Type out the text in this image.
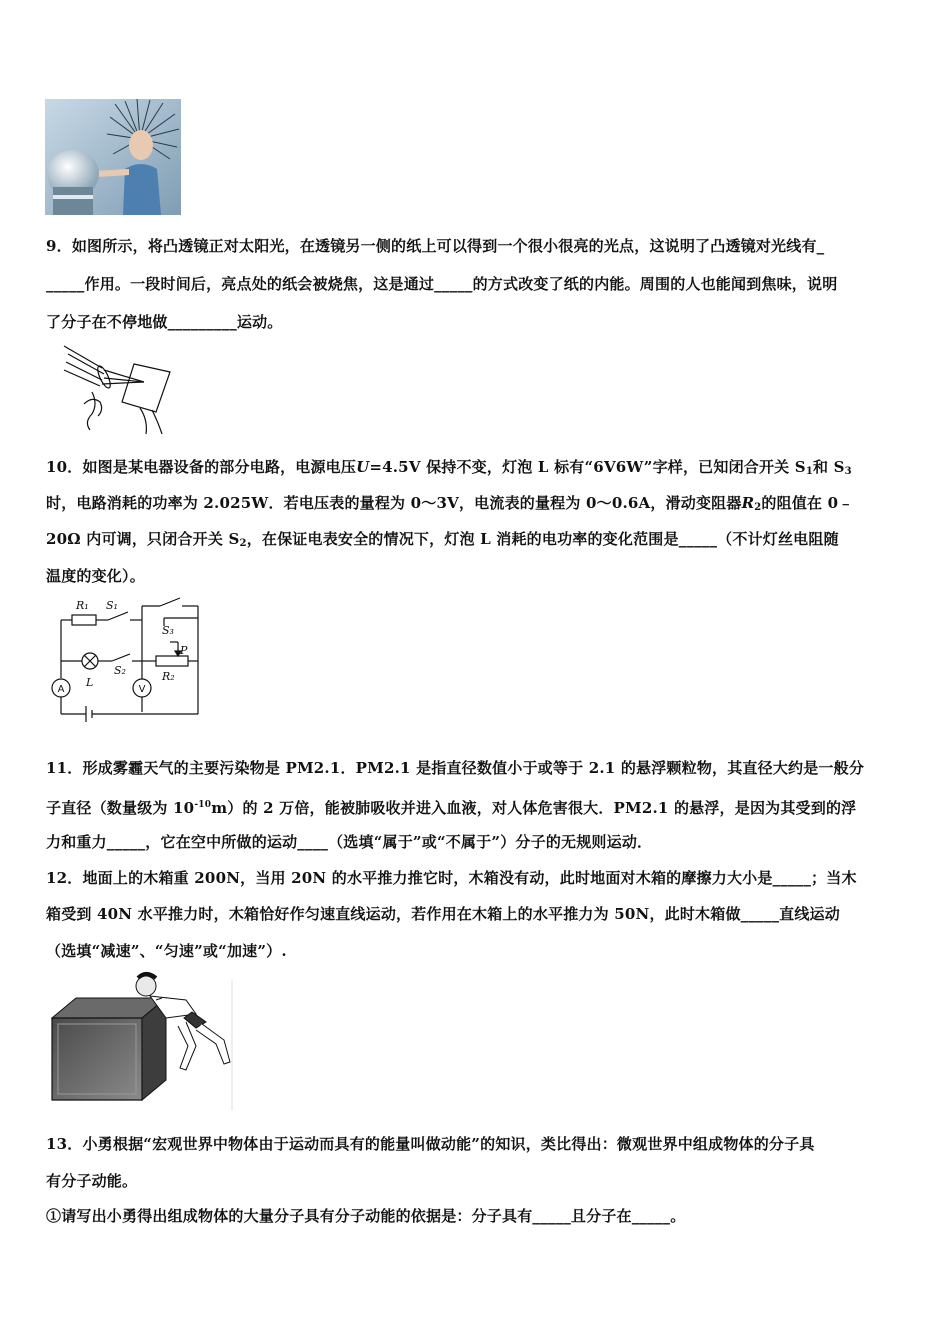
9．如图所示，将凸透镜正对太阳光，在透镜另一侧的纸上可以得到一个很小很亮的光点，这说明了凸透镜对光线有_
_____作用。一段时间后，亮点处的纸会被烧焦，这是通过_____的方式改变了纸的内能。周围的人也能闻到焦味，说明
了分子在不停地做_________运动。
10．如图是某电器设备的部分电路，电源电压U=4.5V 保持不变，灯泡 L 标有“6V6W”字样，已知闭合开关 $S_1$和 $S_3$
时，电路消耗的功率为 2.025W．若电压表的量程为 0～3V，电流表的量程为 0～0.6A，滑动变阻器$R_2$的阻值在 0﹣
20Ω 内可调，只闭合开关 $S_2$，在保证电表安全的情况下，灯泡 L 消耗的电功率的变化范围是_____（不计灯丝电阻随
温度的变化）。
R₁ S₁
S₃
P
S₂
L	R₂
A	V
11．形成雾霾天气的主要污染物是 PM2.1．PM2.1 是指直径数值小于或等于 2.1 的悬浮颗粒物，其直径大约是一般分
子直径（数量级为 $10^{-10}m$）的 2 万倍，能被肺吸收并进入血液，对人体危害很大．PM2.1 的悬浮，是因为其受到的浮
力和重力_____，它在空中所做的运动____（选填“属于”或“不属于”）分子的无规则运动．
12．地面上的木箱重 200N，当用 20N 的水平推力推它时，木箱没有动，此时地面对木箱的摩擦力大小是_____；当木
箱受到 40N 水平推力时，木箱恰好作匀速直线运动，若作用在木箱上的水平推力为 50N，此时木箱做_____直线运动
（选填“减速”、“匀速”或“加速”）.
13．小勇根据“宏观世界中物体由于运动而具有的能量叫做动能”的知识，类比得出：微观世界中组成物体的分子具
有分子动能。
①请写出小勇得出组成物体的大量分子具有分子动能的依据是：分子具有_____且分子在_____。
